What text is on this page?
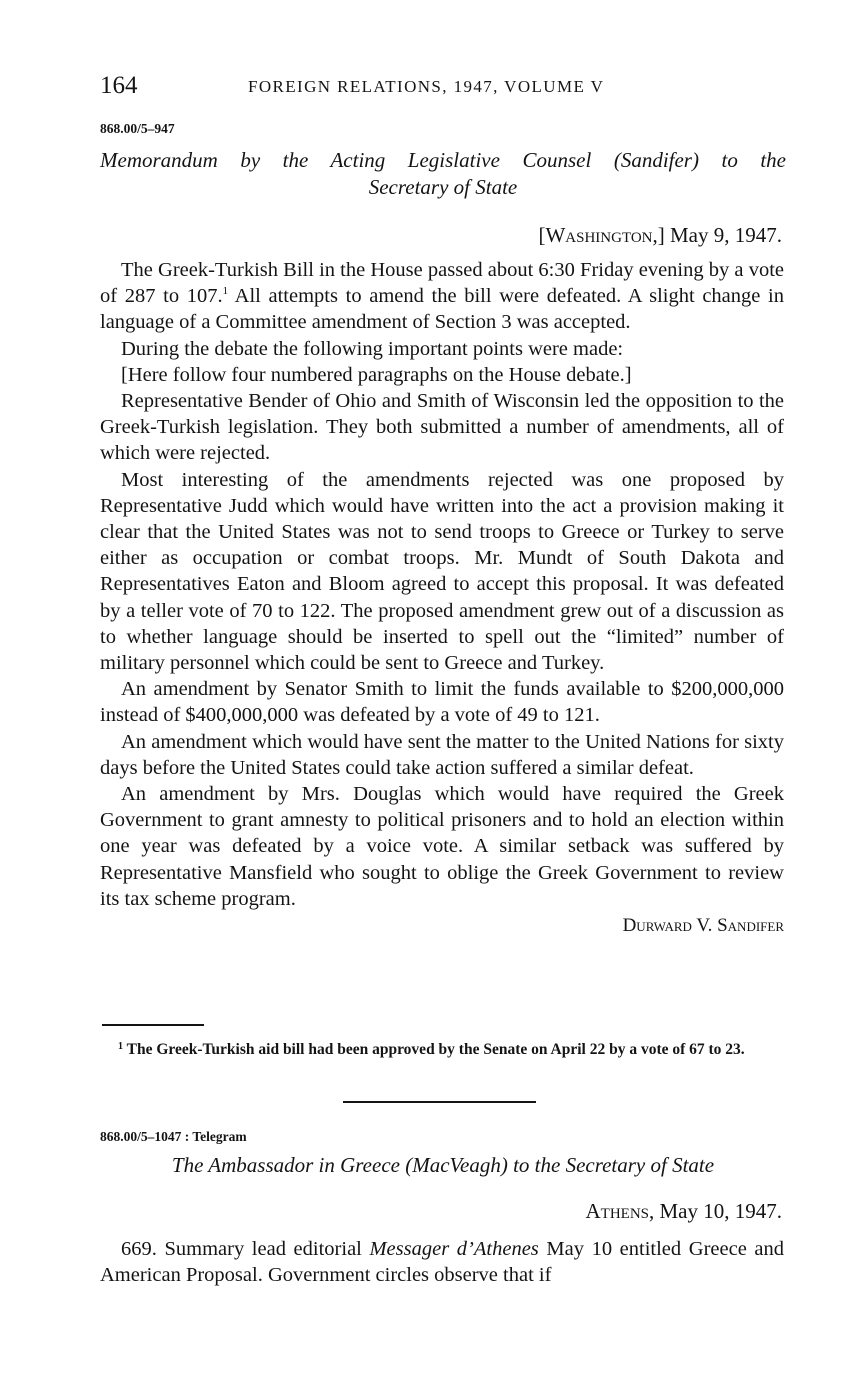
164	FOREIGN RELATIONS, 1947, VOLUME V
868.00/5–947
Memorandum by the Acting Legislative Counsel (Sandifer) to the
Secretary of State
[Washington,] May 9, 1947.

The Greek-Turkish Bill in the House passed about 6:30 Friday evening by a vote of 287 to 107.$^1$ All attempts to amend the bill were defeated. A slight change in language of a Committee amendment of Section 3 was accepted.

During the debate the following important points were made:

[Here follow four numbered paragraphs on the House debate.]

Representative Bender of Ohio and Smith of Wisconsin led the opposition to the Greek-Turkish legislation. They both submitted a number of amendments, all of which were rejected.

Most interesting of the amendments rejected was one proposed by Representative Judd which would have written into the act a provision making it clear that the United States was not to send troops to Greece or Turkey to serve either as occupation or combat troops. Mr. Mundt of South Dakota and Representatives Eaton and Bloom agreed to accept this proposal. It was defeated by a teller vote of 70 to 122. The proposed amendment grew out of a discussion as to whether language should be inserted to spell out the “limited” number of military personnel which could be sent to Greece and Turkey.

An amendment by Senator Smith to limit the funds available to $200,000,000 instead of $400,000,000 was defeated by a vote of 49 to 121.

An amendment which would have sent the matter to the United Nations for sixty days before the United States could take action suffered a similar defeat.

An amendment by Mrs. Douglas which would have required the Greek Government to grant amnesty to political prisoners and to hold an election within one year was defeated by a voice vote. A similar setback was suffered by Representative Mansfield who sought to oblige the Greek Government to review its tax scheme program.

Durward V. Sandifer
$^1$ The Greek-Turkish aid bill had been approved by the Senate on April 22 by a vote of 67 to 23.
868.00/5–1047 : Telegram
The Ambassador in Greece (MacVeagh) to the Secretary of State
Athens, May 10, 1947.

669. Summary lead editorial Messager d’Athenes May 10 entitled Greece and American Proposal. Government circles observe that if
